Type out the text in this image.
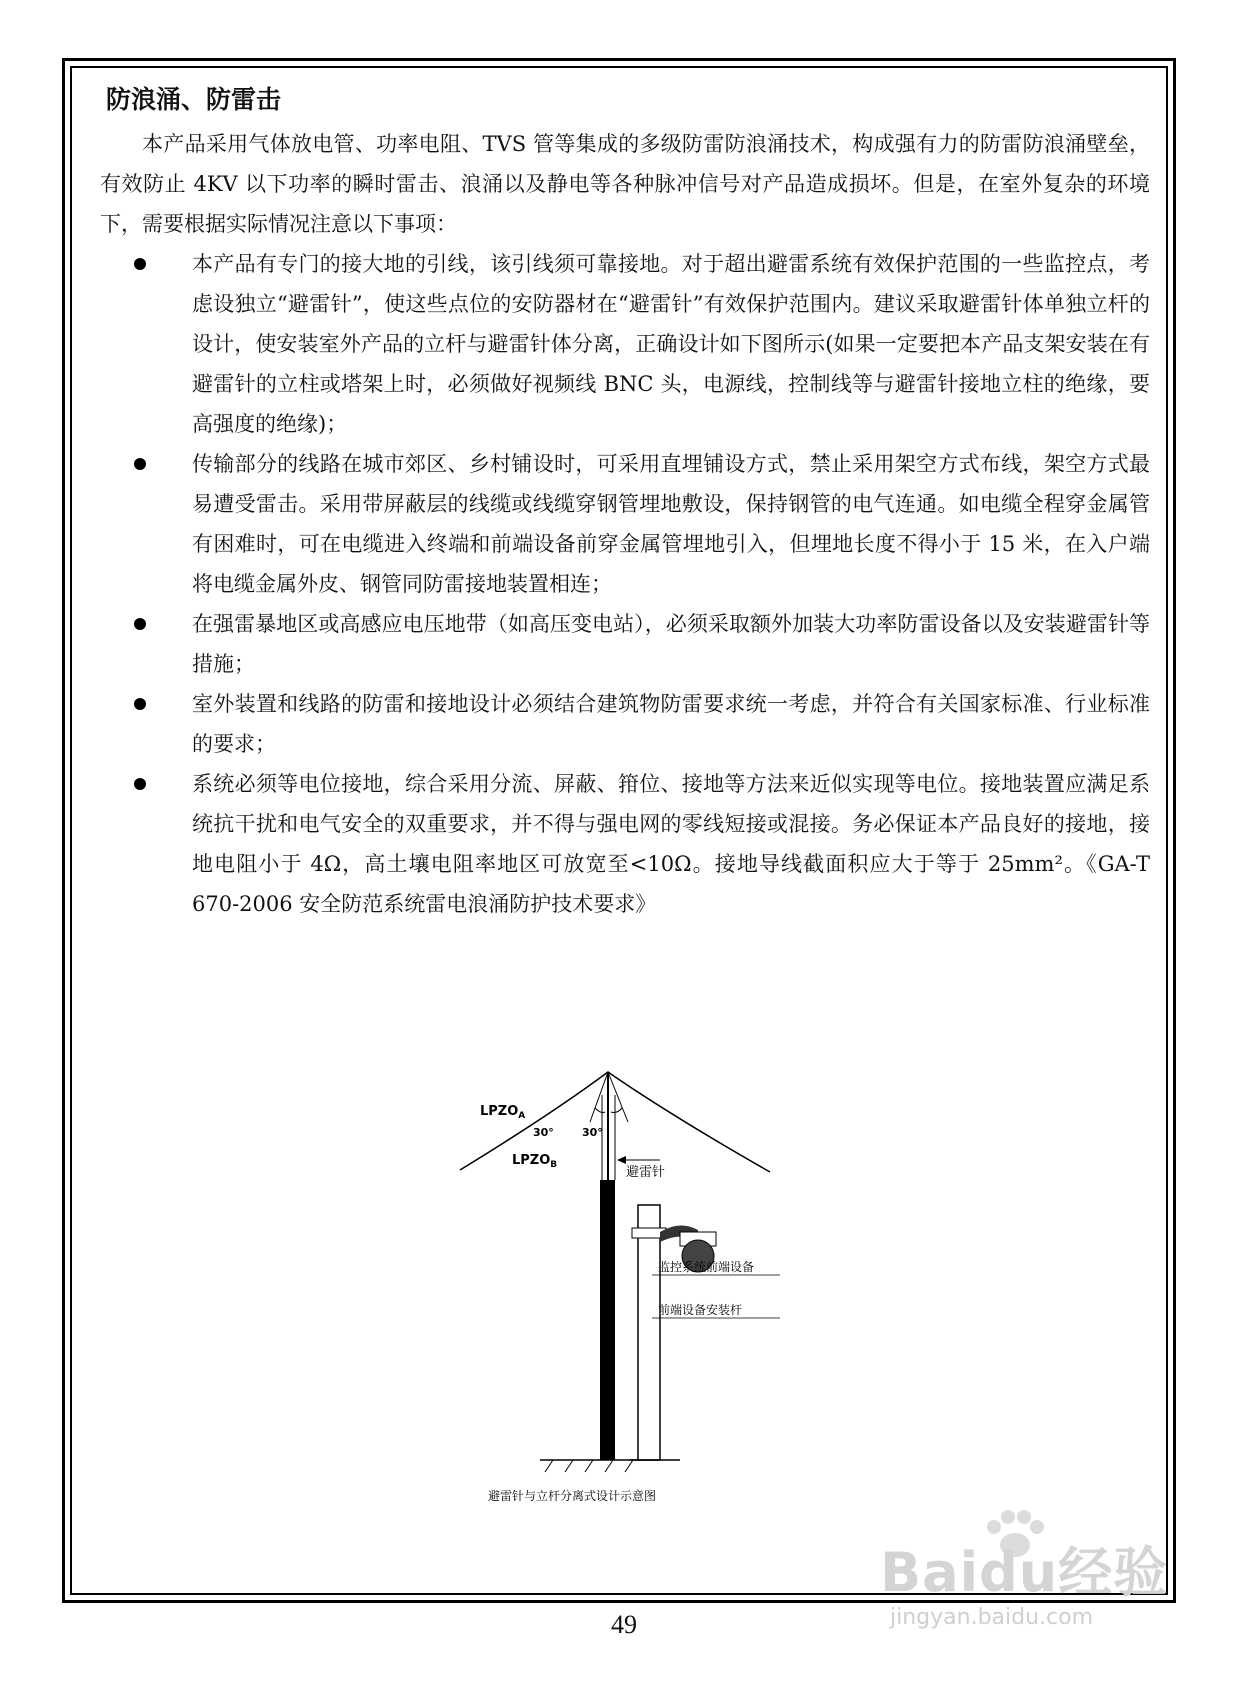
防浪涌、防雷击

本产品采用气体放电管、功率电阻、TVS 管等集成的多级防雷防浪涌技术，构成强有力的防雷防浪涌壁垒，有效防止 4KV 以下功率的瞬时雷击、浪涌以及静电等各种脉冲信号对产品造成损坏。但是，在室外复杂的环境下，需要根据实际情况注意以下事项：

本产品有专门的接大地的引线，该引线须可靠接地。对于超出避雷系统有效保护范围的一些监控点，考虑设独立“避雷针”，使这些点位的安防器材在“避雷针”有效保护范围内。建议采取避雷针体单独立杆的设计，使安装室外产品的立杆与避雷针体分离，正确设计如下图所示(如果一定要把本产品支架安装在有避雷针的立柱或塔架上时，必须做好视频线 BNC 头，电源线，控制线等与避雷针接地立柱的绝缘，要高强度的绝缘)；
传输部分的线路在城市郊区、乡村铺设时，可采用直埋铺设方式，禁止采用架空方式布线，架空方式最易遭受雷击。采用带屏蔽层的线缆或线缆穿钢管埋地敷设，保持钢管的电气连通。如电缆全程穿金属管有困难时，可在电缆进入终端和前端设备前穿金属管埋地引入，但埋地长度不得小于 15 米，在入户端将电缆金属外皮、钢管同防雷接地装置相连；
在强雷暴地区或高感应电压地带（如高压变电站），必须采取额外加装大功率防雷设备以及安装避雷针等措施；
室外装置和线路的防雷和接地设计必须结合建筑物防雷要求统一考虑，并符合有关国家标准、行业标准的要求；
系统必须等电位接地，综合采用分流、屏蔽、箝位、接地等方法来近似实现等电位。接地装置应满足系统抗干扰和电气安全的双重要求，并不得与强电网的零线短接或混接。务必保证本产品良好的接地，接地电阻小于 4Ω，高土壤电阻率地区可放宽至<10Ω。接地导线截面积应大于等于 25mm²。《GA-T 670-2006 安全防范系统雷电浪涌防护技术要求》
$LPZO_A$
$LPZO_B$
30°	30°
避雷针
监控系统前端设备
前端设备安装杆
避雷针与立杆分离式设计示意图
Baidu经验
jingyan.baidu.com
49
